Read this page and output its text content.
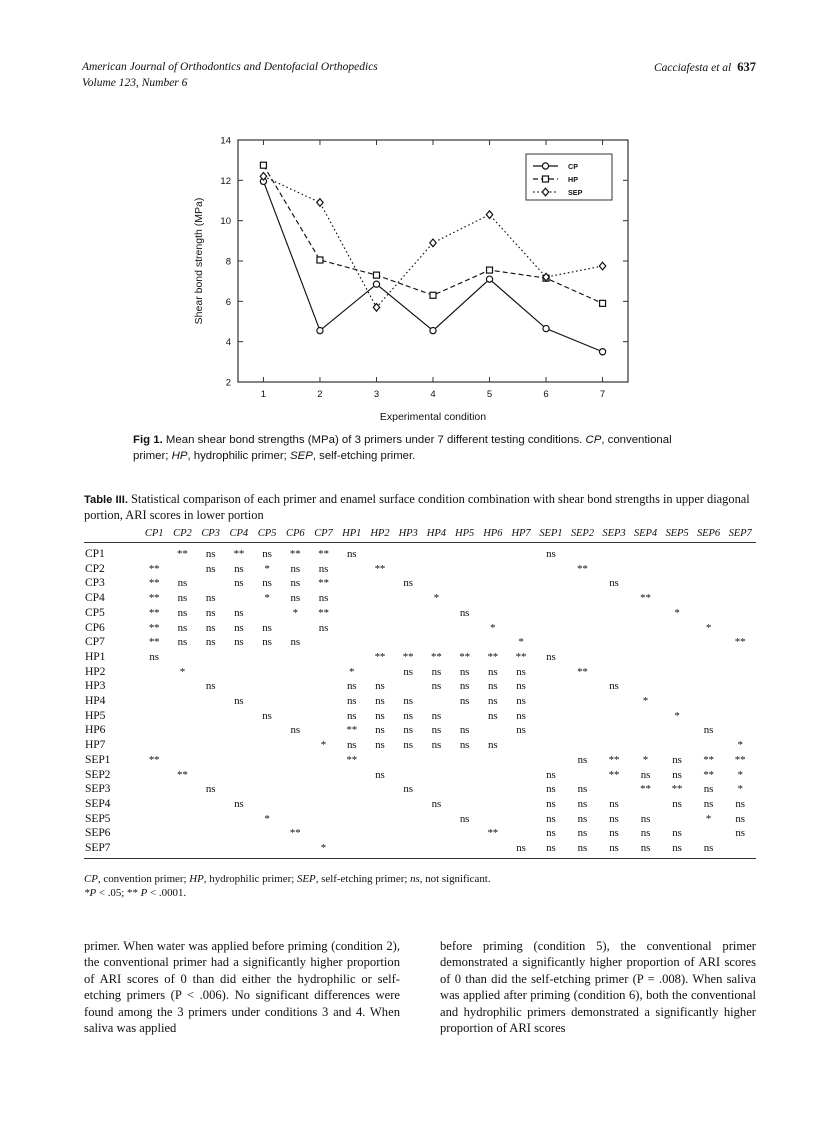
American Journal of Orthodontics and Dentofacial Orthopedics	Cacciafesta et al 637
Volume 123, Number 6
2
4
6
8
10
12
14
1	2	3	4	5	6	7
Experimental condition
Shear bond strength (MPa)
CP
HP
SEP
Fig 1. Mean shear bond strengths (MPa) of 3 primers under 7 different testing conditions. CP, conventional primer; HP, hydrophilic primer; SEP, self-etching primer.
Table III. Statistical comparison of each primer and enamel surface condition combination with shear bond strengths in upper diagonal portion, ARI scores in lower portion
	CP1	CP2	CP3	CP4	CP5	CP6	CP7	HP1	HP2	HP3	HP4	HP5	HP6	HP7	SEP1	SEP2	SEP3	SEP4	SEP5	SEP6	SEP7
CP1		**	ns	**	ns	**	**	ns							ns						
CP2	**		ns	ns	*	ns	ns		**							**					
CP3	**	ns		ns	ns	ns	**			ns							ns				
CP4	**	ns	ns		*	ns	ns				*							**			
CP5	**	ns	ns	ns		*	**					ns							*		
CP6	**	ns	ns	ns	ns		ns						*							*	
CP7	**	ns	ns	ns	ns	ns								*							**
HP1	ns								**	**	**	**	**	**	ns						
HP2		*						*		ns	ns	ns	ns	ns		**					
HP3			ns					ns	ns		ns	ns	ns	ns			ns				
HP4				ns				ns	ns	ns		ns	ns	ns				*			
HP5					ns			ns	ns	ns	ns		ns	ns					*		
HP6						ns		**	ns	ns	ns	ns		ns						ns	
HP7							*	ns	ns	ns	ns	ns	ns								*
SEP1	**							**								ns	**	*	ns	**	**
SEP2		**							ns						ns		**	ns	ns	**	*
SEP3			ns							ns					ns	ns		**	**	ns	*
SEP4				ns							ns				ns	ns	ns		ns	ns	ns
SEP5					*							ns			ns	ns	ns	ns		*	ns
SEP6						**							**		ns	ns	ns	ns	ns		ns
SEP7							*							ns	ns	ns	ns	ns	ns	ns	
CP, convention primer; HP, hydrophilic primer; SEP, self-etching primer; ns, not significant.
*P < .05; ** P < .0001.

primer. When water was applied before priming (condition 2), the conventional primer had a significantly higher proportion of ARI scores of 0 than did either the hydrophilic or self-etching primers (P < .006). No significant differences were found among the 3 primers under conditions 3 and 4. When saliva was applied

before priming (condition 5), the conventional primer demonstrated a significantly higher proportion of ARI scores of 0 than did the self-etching primer (P = .008). When saliva was applied after priming (condition 6), both the conventional and hydrophilic primers demonstrated a significantly higher proportion of ARI scores
